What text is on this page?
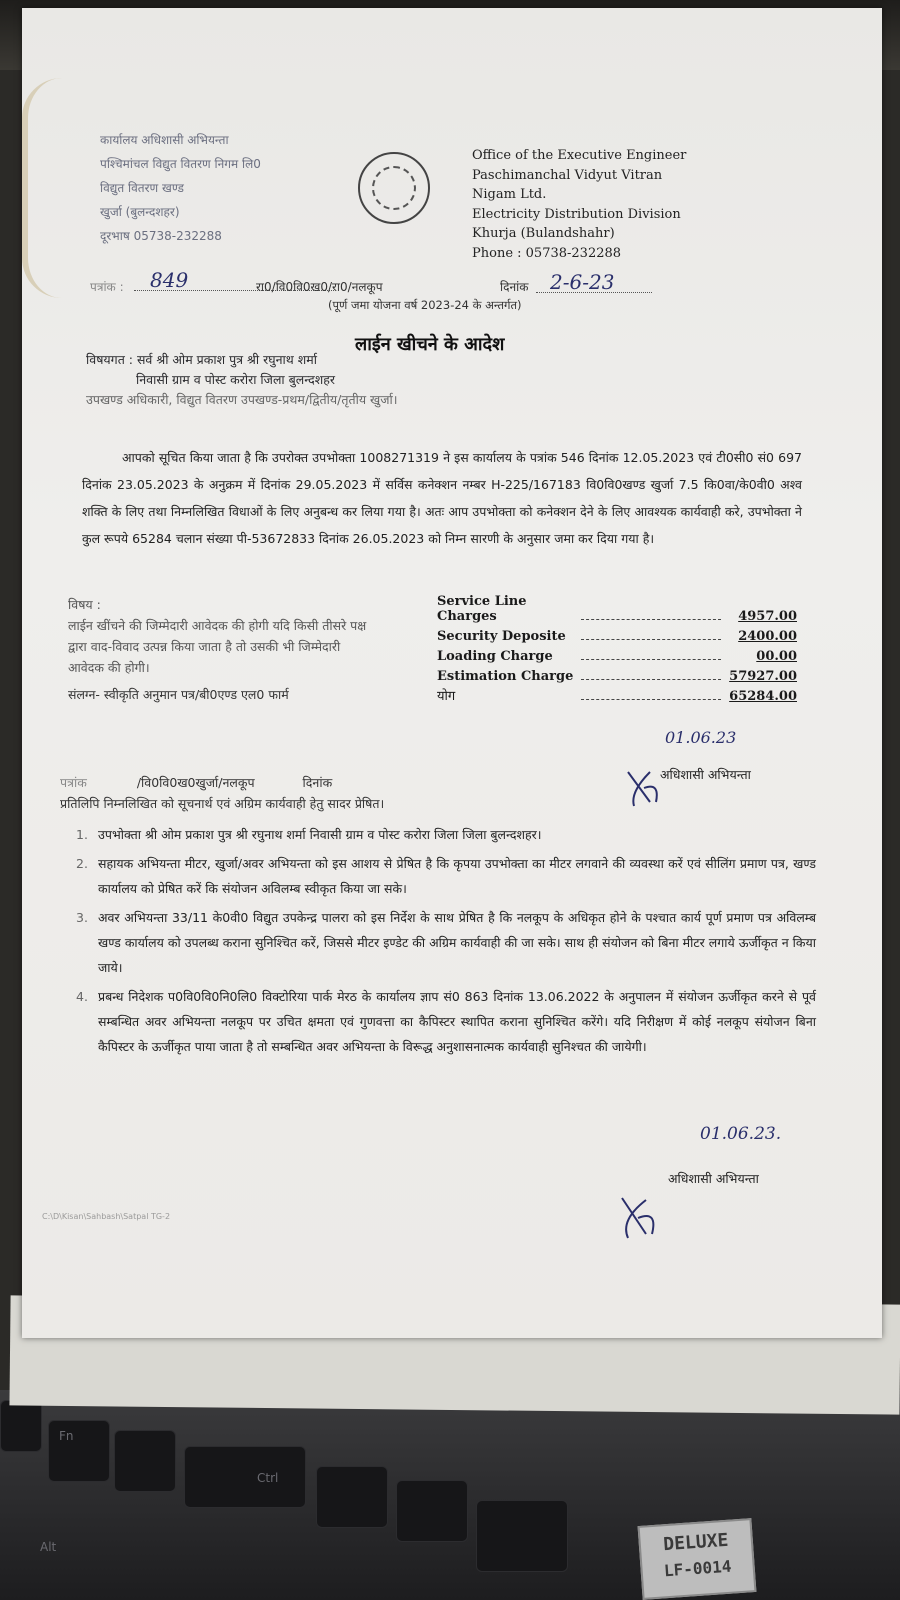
Fn
Ctrl
Alt	DELUXE
LF-0014
कार्यालय अधिशासी अभियन्ता
पश्चिमांचल विद्युत वितरण निगम लि0
विद्युत वितरण खण्ड
खुर्जा (बुलन्दशहर)
दूरभाष 05738-232288
Office of the Executive Engineer
Paschimanchal Vidyut Vitran
Nigam Ltd.
Electricity Distribution Division
Khurja (Bulandshahr)
Phone : 05738-232288
पत्रांक : 849	रा0/वि0वि0ख0/रा0/नलकूप	दिनांक 2-6-23
(पूर्ण जमा योजना वर्ष 2023-24 के अन्तर्गत)
लाईन खीचने के आदेश
विषयगत : सर्व श्री ओम प्रकाश पुत्र श्री रघुनाथ शर्मा
निवासी ग्राम व पोस्ट करोरा जिला बुलन्दशहर
उपखण्ड अधिकारी, विद्युत वितरण उपखण्ड-प्रथम/द्वितीय/तृतीय खुर्जा।
आपको सूचित किया जाता है कि उपरोक्त उपभोक्ता 1008271319 ने इस कार्यालय के पत्रांक 546 दिनांक 12.05.2023 एवं टी0सी0 सं0 697 दिनांक 23.05.2023 के अनुक्रम में दिनांक 29.05.2023 में सर्विस कनेक्शन नम्बर H-225/167183 वि0वि0खण्ड खुर्जा 7.5 कि0वा/के0वी0 अश्व शक्ति के लिए तथा निम्नलिखित विधाओं के लिए अनुबन्ध कर लिया गया है। अतः आप उपभोक्ता को कनेक्शन देने के लिए आवश्यक कार्यवाही करे, उपभोक्ता ने कुल रूपये 65284 चलान संख्या पी-53672833 दिनांक 26.05.2023 को निम्न सारणी के अनुसार जमा कर दिया गया है।
विषय :
लाईन खींचने की जिम्मेदारी आवेदक की होगी यदि किसी तीसरे पक्ष द्वारा वाद-विवाद उत्पन्न किया जाता है तो उसकी भी जिम्मेदारी आवेदक की होगी।
संलग्न- स्वीकृति अनुमान पत्र/बी0एण्ड एल0 फार्म
Service Line Charges	4957.00
Security Deposite	2400.00
Loading Charge	00.00
Estimation Charge	57927.00
योग	65284.00
01.06.23
अधिशासी अभियन्ता
पत्रांक	/वि0वि0ख0खुर्जा/नलकूप	दिनांक
प्रतिलिपि निम्नलिखित को सूचनार्थ एवं अग्रिम कार्यवाही हेतु सादर प्रेषित।
1. उपभोक्ता श्री ओम प्रकाश पुत्र श्री रघुनाथ शर्मा निवासी ग्राम व पोस्ट करोरा जिला जिला बुलन्दशहर।
2. सहायक अभियन्ता मीटर, खुर्जा/अवर अभियन्ता को इस आशय से प्रेषित है कि कृपया उपभोक्ता का मीटर लगवाने की व्यवस्था करें एवं सीलिंग प्रमाण पत्र, खण्ड कार्यालय को प्रेषित करें कि संयोजन अविलम्ब स्वीकृत किया जा सके।
3. अवर अभियन्ता 33/11 के0वी0 विद्युत उपकेन्द्र पालरा को इस निर्देश के साथ प्रेषित है कि नलकूप के अधिकृत होने के पश्चात कार्य पूर्ण प्रमाण पत्र अविलम्ब खण्ड कार्यालय को उपलब्ध कराना सुनिश्चित करें, जिससे मीटर इण्डेट की अग्रिम कार्यवाही की जा सके। साथ ही संयोजन को बिना मीटर लगाये ऊर्जीकृत न किया जाये।
4. प्रबन्ध निदेशक प0वि0वि0नि0लि0 विक्टोरिया पार्क मेरठ के कार्यालय ज्ञाप सं0 863 दिनांक 13.06.2022 के अनुपालन में संयोजन ऊर्जीकृत करने से पूर्व सम्बन्धित अवर अभियन्ता नलकूप पर उचित क्षमता एवं गुणवत्ता का कैपिस्टर स्थापित कराना सुनिश्चित करेंगे। यदि निरीक्षण में कोई नलकूप संयोजन बिना कैपिस्टर के ऊर्जीकृत पाया जाता है तो सम्बन्धित अवर अभियन्ता के विरूद्ध अनुशासनात्मक कार्यवाही सुनिश्चत की जायेगी।
01.06.23.
अधिशासी अभियन्ता
C:\D\Kisan\Sahbash\Satpal TG-2
